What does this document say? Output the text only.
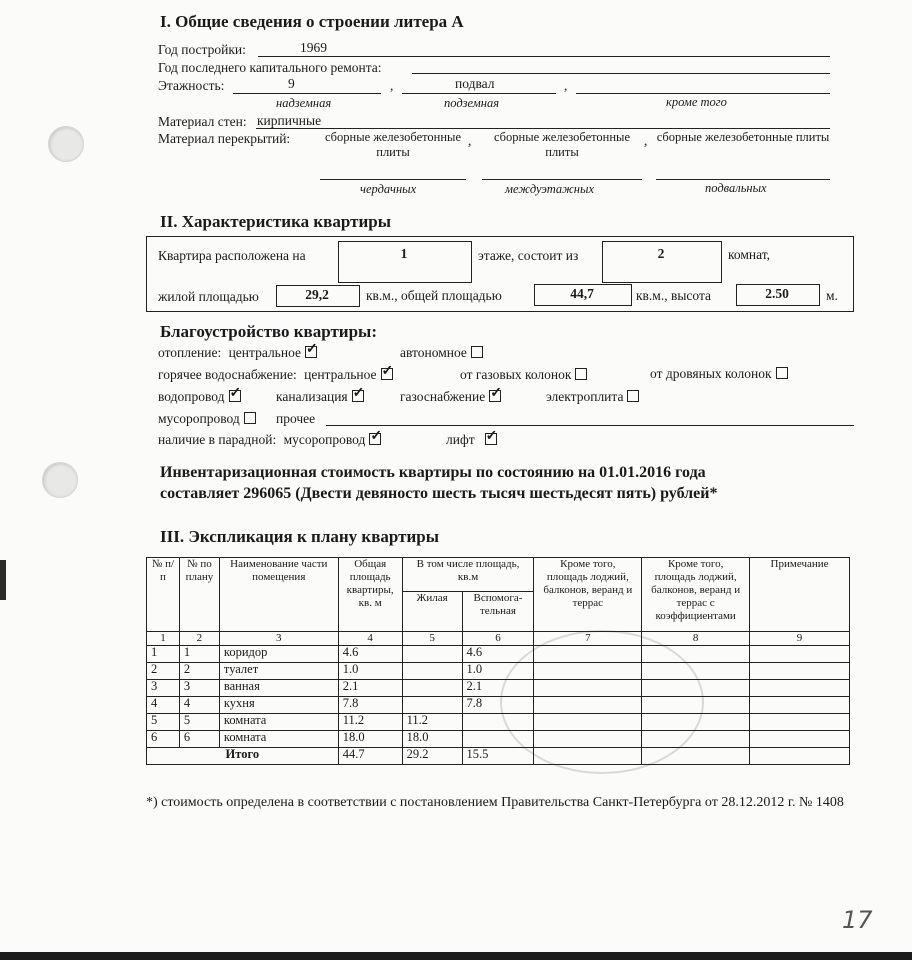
I. Общие сведения о строении литера А
Год постройки:	1969
Год последнего капитального ремонта:
Этажность:	9	,	подвал	,
надземная	подземная	кроме того
Материал стен: кирпичные
Материал перекрытий:	сборные железобетонные плиты
,	сборные железобетонные плиты
, сборные железобетонные плиты
чердачных	междуэтажных	подвальных
II. Характеристика квартиры
Квартира расположена на	1	этаже, состоит из	2	комнат,
жилой площадью	29,2	кв.м., общей площадью	44,7	кв.м., высота	2.50	м.
Благоустройство квартиры:
отопление: центральное ✓	автономное
горячее водоснабжение: центральное ✓	от газовых колонок	от дровяных колонок
водопровод ✓	канализация ✓	газоснабжение ✓	электроплита
мусоропровод	прочее
наличие в парадной: мусоропровод ✓	лифт✓
Инвентаризационная стоимость квартиры по состоянию на 01.01.2016 года
составляет 296065 (Двести девяносто шесть тысяч шестьдесят пять) рублей*
III. Экспликация к плану квартиры
№ п/п	№ по плану	Наименование части помещения	Общая площадь квартиры, кв. м	В том числе площадь, кв.м		Кроме того, площадь лоджий, балконов, веранд и террас	Кроме того, площадь лоджий, балконов, веранд и террас с коэффициентами	Примечание
				Жилая	Вспомога-тельная			
1	2	3	4	5	6	7	8	9
1	1	коридор	4.6		4.6			
2	2	туалет	1.0		1.0			
3	3	ванная	2.1		2.1			
4	4	кухня	7.8		7.8			
5	5	комната	11.2	11.2				
6	6	комната	18.0	18.0				
Итого			44.7	29.2	15.5			
*) стоимость определена в соответствии с постановлением Правительства Санкт-Петербурга от 28.12.2012 г. № 1408
17
